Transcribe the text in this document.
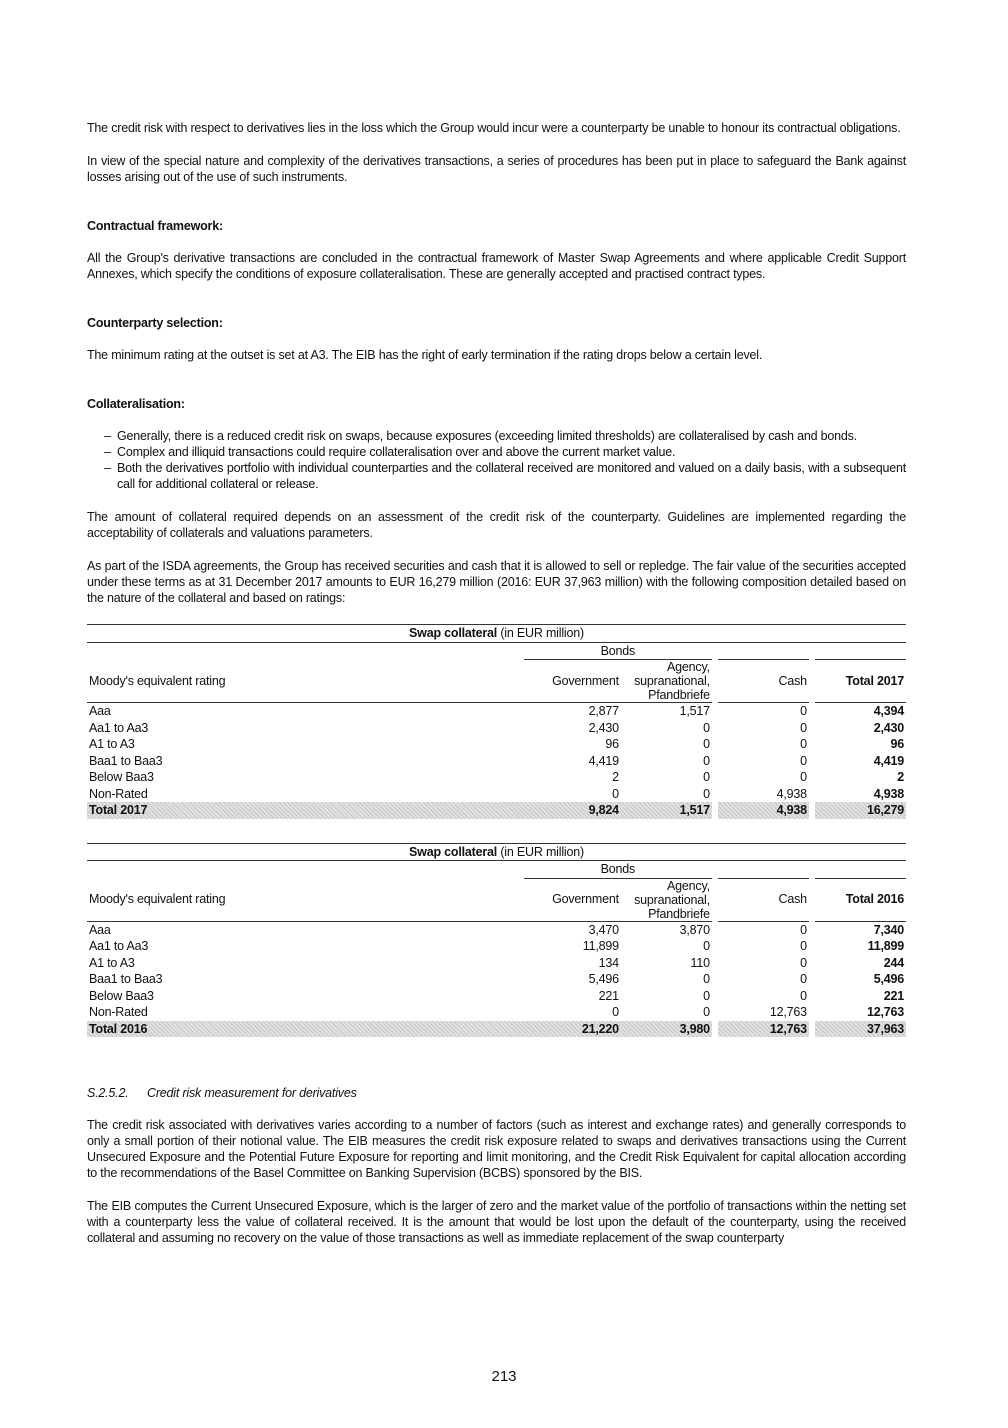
The credit risk with respect to derivatives lies in the loss which the Group would incur were a counterparty be unable to honour its contractual obligations.

In view of the special nature and complexity of the derivatives transactions, a series of procedures has been put in place to safeguard the Bank against losses arising out of the use of such instruments.

Contractual framework:

All the Group's derivative transactions are concluded in the contractual framework of Master Swap Agreements and where applicable Credit Support Annexes, which specify the conditions of exposure collateralisation. These are generally accepted and practised contract types.

Counterparty selection:

The minimum rating at the outset is set at A3. The EIB has the right of early termination if the rating drops below a certain level.

Collateralisation:

– Generally, there is a reduced credit risk on swaps, because exposures (exceeding limited thresholds) are collateralised by cash and bonds.
– Complex and illiquid transactions could require collateralisation over and above the current market value.
– Both the derivatives portfolio with individual counterparties and the collateral received are monitored and valued on a daily basis, with a subsequent call for additional collateral or release.

The amount of collateral required depends on an assessment of the credit risk of the counterparty. Guidelines are implemented regarding the acceptability of collaterals and valuations parameters.

As part of the ISDA agreements, the Group has received securities and cash that it is allowed to sell or repledge. The fair value of the securities accepted under these terms as at 31 December 2017 amounts to EUR 16,279 million (2016: EUR 37,963 million) with the following composition detailed based on the nature of the collateral and based on ratings:

Swap collateral (in EUR million)						
	Bonds					
Moody's equivalent rating	Government	Agency,
supranational,
Pfandbriefe		Cash		Total 2017
Aaa	2,877	1,517		0		4,394
Aa1 to Aa3	2,430	0		0		2,430
A1 to A3	96	0		0		96
Baa1 to Baa3	4,419	0		0		4,419
Below Baa3	2	0		0		2
Non-Rated	0	0		4,938		4,938
Total 2017	9,824	1,517		4,938		16,279
Swap collateral (in EUR million)						
	Bonds					
Moody's equivalent rating	Government	Agency,
supranational,
Pfandbriefe		Cash		Total 2016
Aaa	3,470	3,870		0		7,340
Aa1 to Aa3	11,899	0		0		11,899
A1 to A3	134	110		0		244
Baa1 to Baa3	5,496	0		0		5,496
Below Baa3	221	0		0		221
Non-Rated	0	0		12,763		12,763
Total 2016	21,220	3,980		12,763		37,963

S.2.5.2. Credit risk measurement for derivatives

The credit risk associated with derivatives varies according to a number of factors (such as interest and exchange rates) and generally corresponds to only a small portion of their notional value. The EIB measures the credit risk exposure related to swaps and derivatives transactions using the Current Unsecured Exposure and the Potential Future Exposure for reporting and limit monitoring, and the Credit Risk Equivalent for capital allocation according to the recommendations of the Basel Committee on Banking Supervision (BCBS) sponsored by the BIS.

The EIB computes the Current Unsecured Exposure, which is the larger of zero and the market value of the portfolio of transactions within the netting set with a counterparty less the value of collateral received. It is the amount that would be lost upon the default of the counterparty, using the received collateral and assuming no recovery on the value of those transactions as well as immediate replacement of the swap counterparty

213
